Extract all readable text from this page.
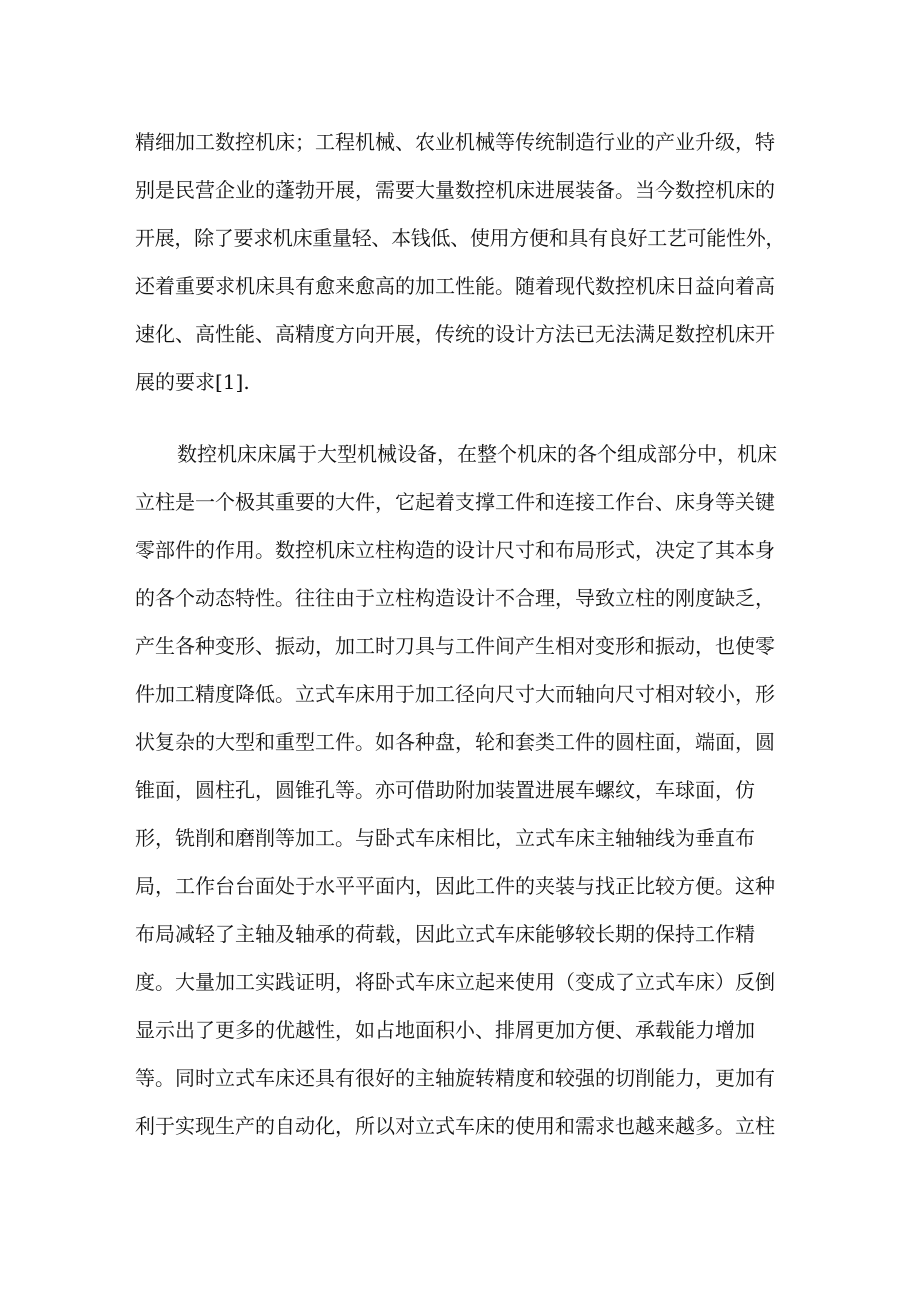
精细加工数控机床；工程机械、农业机械等传统制造行业的产业升级，特

别是民营企业的蓬勃开展，需要大量数控机床进展装备。当今数控机床的

开展，除了要求机床重量轻、本钱低、使用方便和具有良好工艺可能性外，

还着重要求机床具有愈来愈高的加工性能。随着现代数控机床日益向着高

速化、高性能、高精度方向开展，传统的设计方法已无法满足数控机床开

展的要求[1].

数控机床床属于大型机械设备，在整个机床的各个组成部分中，机床

立柱是一个极其重要的大件，它起着支撑工件和连接工作台、床身等关键

零部件的作用。数控机床立柱构造的设计尺寸和布局形式，决定了其本身

的各个动态特性。往往由于立柱构造设计不合理，导致立柱的刚度缺乏，

产生各种变形、振动，加工时刀具与工件间产生相对变形和振动，也使零

件加工精度降低。立式车床用于加工径向尺寸大而轴向尺寸相对较小，形

状复杂的大型和重型工件。如各种盘，轮和套类工件的圆柱面，端面，圆

锥面，圆柱孔，圆锥孔等。亦可借助附加装置进展车螺纹，车球面，仿

形，铣削和磨削等加工。与卧式车床相比，立式车床主轴轴线为垂直布

局，工作台台面处于水平平面内，因此工件的夹装与找正比较方便。这种

布局减轻了主轴及轴承的荷载，因此立式车床能够较长期的保持工作精

度。大量加工实践证明，将卧式车床立起来使用（变成了立式车床）反倒

显示出了更多的优越性，如占地面积小、排屑更加方便、承载能力增加

等。同时立式车床还具有很好的主轴旋转精度和较强的切削能力，更加有

利于实现生产的自动化，所以对立式车床的使用和需求也越来越多。立柱
